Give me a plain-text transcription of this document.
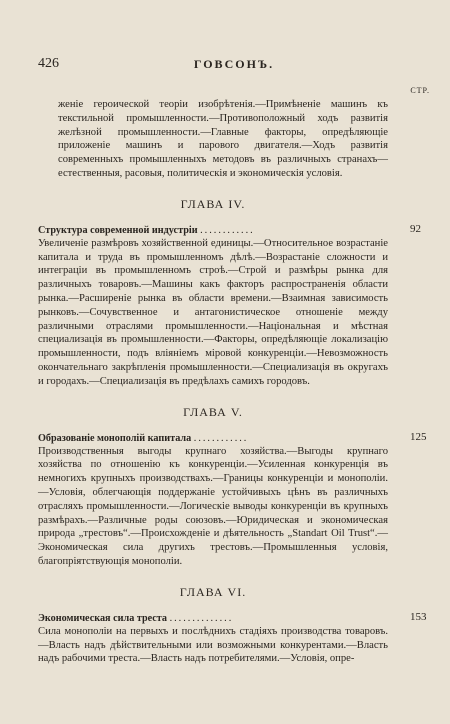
426	ГОВСОНЪ.
СТР.
женіе героической теоріи изобрѣтенія.—Примѣненіе машинъ къ текстильной промышленности.—Противоположный ходъ развитія желѣзной промышленности.—Главные факторы, опредѣляющіе приложеніе машинъ и паровоro двигателя.—Ходъ развитія современныхъ промышленныхъ методовъ въ различныхъ странахъ—естественныя, расовыя, политическія и экономическія условія.
ГЛАВА IV.
Структура современной индустріи ............	92
Увеличеніе размѣровъ хозяйственной единицы.—Относительное возрастаніе капитала и труда въ промышленномъ дѣлѣ.—Возрастаніе сложности и интеграціи въ промышленномъ строѣ.—Строй и размѣры рынка для различныхъ товаровъ.—Машины какъ факторъ распространенія области рынка.—Расширеніе рынка въ области времени.—Взаимная зависимость рынковъ.—Сочувственное и антагонистическое отношеніе между различными отраслями промышленности.—Національная и мѣстная специализація въ промышленности.—Факторы, опредѣляющіе локализацію промышленности, подъ вліяніемъ міровой конкуренціи.—Невозможность окончательнаго закрѣпленія промышленности.—Специализація въ округахъ и городахъ.—Специализація въ предѣлахъ самихъ городовъ.
ГЛАВА V.
Образованіе монополій капитала ............	125
Производственныя выгоды крупнаго хозяйства.—Выгоды крупнаго хозяйства по отношенію къ конкуренціи.—Усиленная конкуренція въ немногихъ крупныхъ производствахъ.—Границы конкуренціи и монополіи.—Условія, облегчающія поддержаніе устойчивыхъ цѣнъ въ различныхъ отрасляхъ промышленности.—Логическіе выводы конкуренціи въ крупныхъ размѣрахъ.—Различные роды союзовъ.—Юридическая и экономическая природа „трестовъ“.—Происхожденіе и дѣятельность „Standart Oil Trust“.—Экономическая сила другихъ трестовъ.—Промышленныя условія, благопріятствующія монополіи.
ГЛАВА VI.
Экономическая сила треста ..............	153
Сила монополіи на первыхъ и послѣднихъ стадіяхъ производства товаровъ.—Власть надъ дѣйствительными или возможными конкурентами.—Власть надъ рабочими треста.—Власть надъ потребителями.—Условія, опре-
